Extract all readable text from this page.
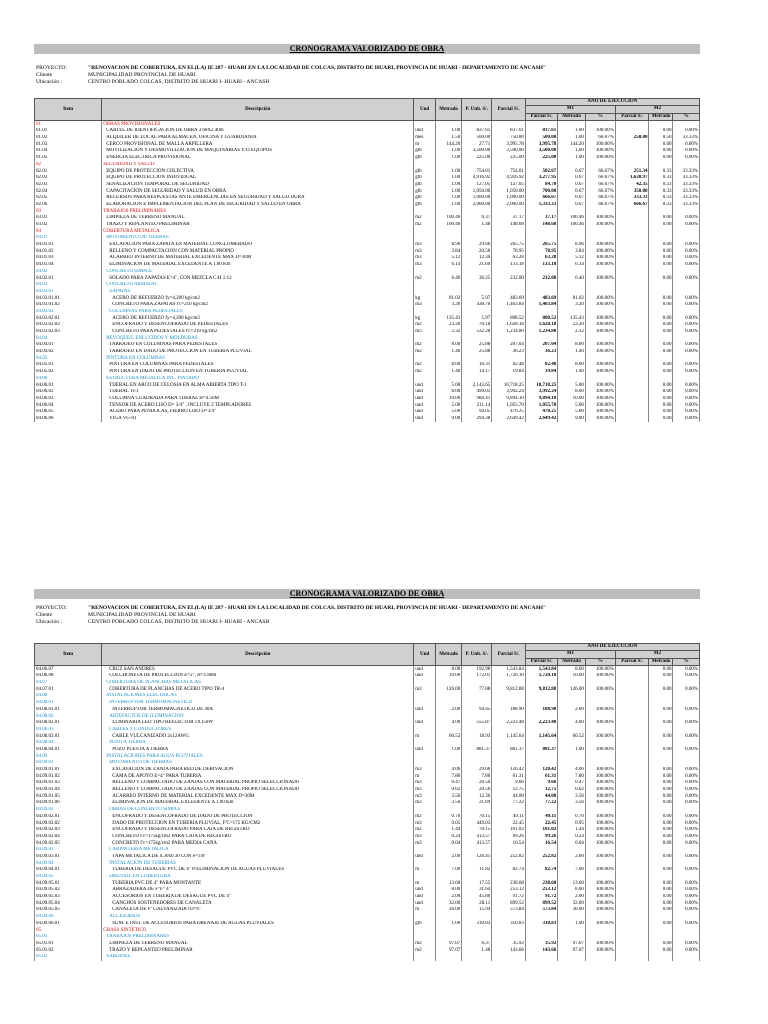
CRONOGRAMA VALORIZADO DE OBRA
PROYECTO:	"RENOVACION DE COBERTURA, EN EL(LA) IE 287 - HUARI EN LA LOCALIDAD DE COLCAS, DISTRITO DE HUARI, PROVINCIA DE HUARI - DEPARTAMENTO DE ANCASH"
Cliente	MUNICIPALIDAD PROVINCIAL DE HUARI
Ubicación :	CENTRO POBLADO COLCAS, DISTRITO DE HUARI I- HUARI - ANCASH
Item	Descripción	Und	Metrado	P. Unit. S/.	Parcial S/.	AÑO DE EJECUCION					
						M1			M2		
						Parcial S/.	Metrado	%	Parcial S/.	Metrado	%
01	OBRAS PROVISIONALES										
01.01	CARTEL DE IDENTIFICACION DE OBRA 3.60X2.40m	und	1.00	837.61	837.61	837.61	1.00	100.00%		0.00	0.00%
01.02	ALQUILER DE LOCAL PARA ALMACEN, OFICINA Y GUARDIANIA	mes	1.50	500.00	750.00	500.00	1.00	66.67%	250.00	0.50	33.33%
01.03	CERCO PROVISIONAL DE MALLA ARPILLERA	m	144.20	27.71	3,995.78	3,995.78	144.20	100.00%		0.00	0.00%
01.04	MOVILIZACION Y DESMOVILIZACION DE MAQUINARIAS Y/O EQUIPOS	glb	1.00	3,500.00	3,500.00	3,500.00	1.00	100.00%		0.00	0.00%
01.05	ENERGIA ELECTRICA PROVISIONAL	glb	1.00	225.00	225.00	225.00	1.00	100.00%		0.00	0.00%
02	SEGURIDAD Y SALUD										
02.01	EQUIPO DE PROTECCION COLECTIVA	glb	1.00	754.01	754.01	502.67	0.67	66.67%	251.34	0.33	33.33%
02.02	EQUIPO DE PROTECCION INDIVIDUAL	glb	1.00	4,916.92	4,916.92	3,277.95	0.67	66.67%	1,638.97	0.33	33.33%
02.03	SEÑALIZACION TEMPORAL DE SEGURIDAD	glb	1.00	127.05	127.05	84.70	0.67	66.67%	42.35	0.33	33.33%
02.04	CAPACITACION DE SEGURIDAD Y SALUD EN OBRA	glb	1.00	1,050.00	1,050.00	700.00	0.67	66.67%	350.00	0.33	33.33%
02.05	RECURSOS PARA RESPUESTAS ANTE EMERGENCIAS EN SEGURIDAD Y SALUD DURA	glb	1.00	1,000.00	1,000.00	666.67	0.67	66.67%	333.33	0.33	33.33%
02.06	ELABORACION E IMPLEMENTACION DEL PLAN DE SEGURIDAD Y SALUD EN OBRA	glb	1.00	2,000.00	2,000.00	1,333.33	0.67	66.67%	666.67	0.33	33.33%
03	TRABAJOS PRELIMINARES										
03.01	LIMPIEZA DE TERRENO MANUAL	m2	100.46	0.37	37.17	37.17	100.46	100.00%		0.00	0.00%
03.02	TRAZO Y REPLANTEO PRELIMINAR	m2	100.46	1.48	148.68	148.68	100.46	100.00%		0.00	0.00%
04	COBERTURA METALICA										
04.01	MOVIMIENTO DE TIERRAS										
04.01.01	EXCAVACION PARA ZAPATA EN MATERIAL CONGLOMERADO	m3	8.96	29.66	265.75	265.75	8.96	100.00%		0.00	0.00%
04.01.02	RELLENO Y COMPACTACION CON MATERIAL PROPIO	m3	3.84	20.56	78.95	78.95	3.84	100.00%		0.00	0.00%
04.01.03	ACARREO INTERNO DE MATERIAL EXCEDENTE MAX D=30M	m3	5.12	12.36	63.28	63.28	5.12	100.00%		0.00	0.00%
04.01.04	ELIMINACION DE MATERIAL EXCEDENTE A 1.00 Km	m3	6.14	21.69	133.18	133.18	6.14	100.00%		0.00	0.00%
04.02	CONCRETO SIMPLE										
04.02.01	SOLADO PARA ZAPATAS E=4", CON MEZCLA C:H 1:12	m2	6.40	36.25	232.00	232.00	6.40	100.00%		0.00	0.00%
04.03	CONCRETO ARMADO										
04.03.01	ZAPATAS										
04.03.01.01	ACERO DE REFUERZO fy=4,200 kg/cm2	kg	81.02	5.97	483.69	483.69	81.02	100.00%		0.00	0.00%
04.03.01.02	CONCRETO PARA ZAPATAS f'c=210 kg/cm2	m3	3.20	438.70	1,403.84	1,403.84	3.20	100.00%		0.00	0.00%
04.03.02	COLUMNAS PARA PEDESTALES										
04.03.02.01	ACERO DE REFUERZO fy=4,200 kg/cm2	kg	135.43	5.97	808.52	808.52	135.43	100.00%		0.00	0.00%
04.03.02.02	ENCOFRADO Y DESENCOFRADO DE PEDESTALES	m2	23.20	70.18	1,628.18	1,628.18	23.20	100.00%		0.00	0.00%
04.03.02.03	CONCRETO PARA PEDESTALES f'c=210 kg/cm2	m3	2.32	532.28	1,234.80	1,234.80	2.32	100.00%		0.00	0.00%
04.04	REVOQUES, ENLUCIDOS Y MOLDURAS										
04.04.01	TARRAJEO EN COLUMNAS PARA PEDESTALES	m2	8.00	25.88	207.04	207.04	8.00	100.00%		0.00	0.00%
04.04.02	TARRAJEO EN DADO DE PROTECCION EN TUBERIA PLUVIAL	m2	1.40	25.88	36.23	36.23	1.40	100.00%		0.00	0.00%
04.05	PINTURA EN COLUMNAS										
04.05.01	PINTURA EN COLUMNAS PARA PEDESTALES	m2	8.00	10.31	82.48	82.48	8.00	100.00%		0.00	0.00%
04.05.02	PINTURA EN DADO DE PROTECCION EN TUBERIA PLUVIAL	m2	1.40	14.17	19.84	19.84	1.40	100.00%		0.00	0.00%
04.06	ESTRUCTURA METALICA INC. PINTADO										
04.06.01	TIJERAL EN ARCO DE CELOSIA EN ALMA ABIERTA TIPO T-1	und	5.00	2,143.65	10,718.25	10,718.25	5.00	100.00%		0.00	0.00%
04.06.02	TIJERAL TI-1	und	8.00	499.03	3,992.24	3,992.24	8.00	100.00%		0.00	0.00%
04.06.03	COLUMNA CUADRADA PARA TIJERAL H=4.50M	und	10.00	989.41	9,894.10	9,894.10	10.00	100.00%		0.00	0.00%
04.06.04	TENSOR DE ACERO LISO D= 3/4" , INCLUYE 2 TEMPLADORES	und	5.00	211.14	1,055.70	1,055.70	5.00	100.00%		0.00	0.00%
04.06.05	ACERO PARA PENDOLAS, FIERRO LISO D=3/4"	und	5.00	94.05	470.25	470.25	5.00	100.00%		0.00	0.00%
04.06.06	VIGA VG-01	und	9.00	294.38	2,649.42	2,649.42	9.00	100.00%		0.00	0.00%
CRONOGRAMA VALORIZADO DE OBRA
PROYECTO:	"RENOVACION DE COBERTURA, EN EL(LA) IE 287 - HUARI EN LA LOCALIDAD DE COLCAS, DISTRITO DE HUARI, PROVINCIA DE HUARI - DEPARTAMENTO DE ANCASH"
Cliente	MUNICIPALIDAD PROVINCIAL DE HUARI
Ubicación :	CENTRO POBLADO COLCAS, DISTRITO DE HUARI I- HUARI - ANCASH
Item	Descripción	Und	Metrado	P. Unit. S/.	Parcial S/.	AÑO DE EJECUCION					
						M1			M2		
						Parcial S/.	Metrado	%	Parcial S/.	Metrado	%
04.06.07	CRUZ SAN ANDRES	und	8.00	192.98	1,543.84	1,543.84	8.00	100.00%		0.00	0.00%
04.06.08	COLCHONETA DE PROTECCION E=2", H=1.80m	und	10.00	172.01	1,720.10	1,720.10	10.00	100.00%		0.00	0.00%
04.07	COBERTURA DE PLANCHAS METALICAS										
04.07.01	COBERTURA DE PLANCHAS DE ACERO TIPO TR-4	m2	126.00	77.88	9,812.88	9,812.88	126.00	100.00%		0.00	0.00%
04.08	INSTALACIONES ELECTRICAS										
04.08.01	INTERRUPTOR TERMOMAGNETICO										
04.08.01.01	INTERRUPTOR TERMOMAGNETICO DE 40A	und	2.00	94.45	188.90	188.90	2.00	100.00%		0.00	0.00%
04.08.02	ARTEFACTOS DE ILUMINACION										
04.08.02.01	LUMINARIA LED TIPO REFLECTOR 1X150W	und	4.00	555.87	2,223.48	2,223.48	4.00	100.00%		0.00	0.00%
04.08.03	CABLES Y CONDUCTORES										
04.08.03.01	CABLE VULCANIZADO 2x12AWG	m	60.52	18.93	1,145.64	1,145.64	60.52	100.00%		0.00	0.00%
04.08.04	POZO A TIERRA										
04.08.04.01	POZO PUESTA A TIERRA	und	1.00	881.37	881.37	881.37	1.00	100.00%		0.00	0.00%
04.09	INSTALACIONES PARA AGUA PLUVIALES										
04.09.01	MOVIMIENTO DE TIERRAS										
04.09.01.01	EXCAVACION DE ZANJA PARA RED DE DERIVACION	m3	4.06	29.66	120.42	120.42	4.06	100.00%		0.00	0.00%
04.09.01.02	CAMA DE APOYO E=4" PARA TUBERIA	m	7.80	7.86	61.31	61.31	7.80	100.00%		0.00	0.00%
04.09.01.03	RELLENO Y COMPACTADO DE ZANJAS CON MATERIAL PROPIO SELECCIONADO	m3	0.47	20.56	9.66	9.66	0.47	100.00%		0.00	0.00%
04.09.01.04	RELLENO Y COMPACTADO DE ZANJAS CON MATERIAL PROPIO SELECCIONADO	m3	0.62	20.56	12.75	12.75	0.62	100.00%		0.00	0.00%
04.09.01.05	ACARREO INTERNO DE MATERIAL EXCEDENTE MAX D=30M	m3	3.56	12.36	44.00	44.00	3.56	100.00%		0.00	0.00%
04.09.01.06	ELIMINACION DE MATERIAL EXCEDENTE A 1.00 Km	m3	3.56	21.69	77.22	77.22	3.56	100.00%		0.00	0.00%
04.09.02	OBRAS DE CONCRETO SIMPLE										
04.09.02.01	ENCOFRADO Y DESENCOFRADO DE DADO DE PROTECCION	m2	0.70	70.15	49.11	49.11	0.70	100.00%		0.00	0.00%
04.09.02.02	DADO DE PROTECCION EN TUBERIA PLUVIAL, F'C=175 KG/CM2	m3	0.05	449.03	22.45	22.45	0.05	100.00%		0.00	0.00%
04.09.02.03	ENCOFRADO Y DESENCOFRADO PARA CAJA DE REGISTRO	m2	1.44	70.15	101.02	101.02	1.44	100.00%		0.00	0.00%
04.09.02.04	CONCRETO f'c=175kg/cm2 PARA CAJA DE REGISTRO	m3	0.24	413.57	99.26	99.26	0.24	100.00%		0.00	0.00%
04.09.02.05	CONCRETO f'c=175kg/cm2 PARA MEDIA CAÑA	m3	0.04	413.57	16.54	16.54	0.04	100.00%		0.00	0.00%
04.09.03	CARPINTERIA METALICA										
04.09.03.01	TAPA METALICA DE 0.30x0.30 CON e=1/8"	und	2.00	126.41	252.82	252.82	2.00	100.00%		0.00	0.00%
04.09.04	INSTALACION DE TUBERIAS										
04.09.04.01	TUBERIA DE DESAGUE PVC DE 4" P/ELIMINACION DE AGUAS PLUVIALES	m	7.00	11.82	82.74	82.74	7.00	100.00%		0.00	0.00%
04.09.05	DRENAJE EN COBERTURA										
04.09.05.01	TUBERIA PVC DE 4" PARA MONTANTE	m	13.60	17.55	238.68	238.68	13.60	100.00%		0.00	0.00%
04.09.05.02	ABRAZADERA DE F°F° 4"	und	8.00	31.64	253.12	253.12	8.00	100.00%		0.00	0.00%
04.09.05.03	ACCESORIOS EN TUBERIA DE DESAGUE PVC DE 4"	und	2.00	45.86	91.72	91.72	2.00	100.00%		0.00	0.00%
04.09.05.04	GANCHOS SOSTENEDORES DE CANALETA	und	32.00	28.11	899.52	899.52	32.00	100.00%		0.00	0.00%
04.09.05.05	CANALETA DE Fº GALVANIZADO D=6"	m	36.00	15.94	573.84	573.84	36.00	100.00%		0.00	0.00%
04.09.06	ACCESORIOS										
04.09.06.01	SUM. E INST. DE ACCESORIOS PARA DRENAJE DE AGUAS PLUVIALES	glb	1.00	310.83	310.83	310.83	1.00	100.00%		0.00	0.00%
05	GRASS SINTETICO										
05.01	TRABAJOS PRELIMINARES										
05.01.01	LIMPIEZA DE TERRENO MANUAL	m2	97.07	0.37	35.92	35.92	97.07	100.00%		0.00	0.00%
05.01.02	TRAZO Y REPLANTEO PRELIMINAR	m2	97.07	1.48	143.66	143.66	97.07	100.00%		0.00	0.00%
05.02	SARDINEL										
